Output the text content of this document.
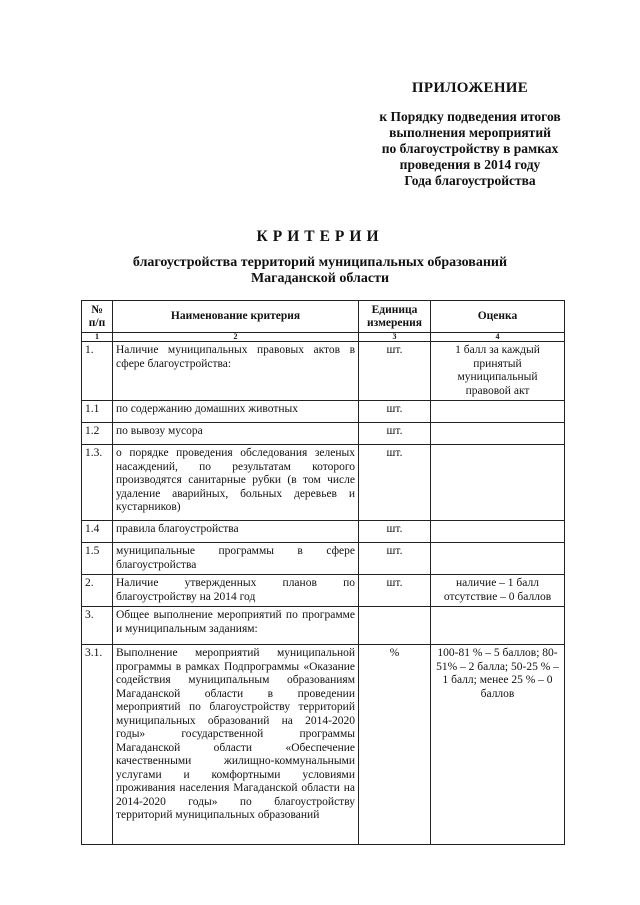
ПРИЛОЖЕНИЕ
к Порядку подведения итогов
выполнения мероприятий
по благоустройству в рамках
проведения в 2014 году
Года благоустройства
КРИТЕРИИ
благоустройства территорий муниципальных образований
Магаданской области
№ п/п	Наименование критерия	Единица измерения	Оценка
1	2	3	4
1.	Наличие муниципальных правовых актов в сфере благоустройства:	шт.	1 балл за каждый принятый муниципальный правовой акт
1.1	по содержанию домашних животных	шт.	
1.2	по вывозу мусора	шт.	
1.3.	о порядке проведения обследования зеленых насаждений, по результатам которого производятся санитарные рубки (в том числе удаление аварийных, больных деревьев и кустарников)	шт.	
1.4	правила благоустройства	шт.	
1.5	муниципальные программы в сфере благоустройства	шт.	
2.	Наличие утвержденных планов по благоустройству на 2014 год	шт.	наличие – 1 балл отсутствие – 0 баллов
3.	Общее выполнение мероприятий по программе и муниципальным заданиям:		
3.1.	Выполнение мероприятий муниципальной программы в рамках Подпрограммы «Оказание содействия муниципальным образованиям Магаданской области в проведении мероприятий по благоустройству территорий муниципальных образований на 2014-2020 годы» государственной программы Магаданской области «Обеспечение качественными жилищно-коммунальными услугами и комфортными условиями проживания населения Магаданской области на 2014-2020 годы» по благоустройству территорий муниципальных образований	%	100-81 % – 5 баллов; 80-51% – 2 балла; 50-25 % – 1 балл; менее 25 % – 0 баллов
